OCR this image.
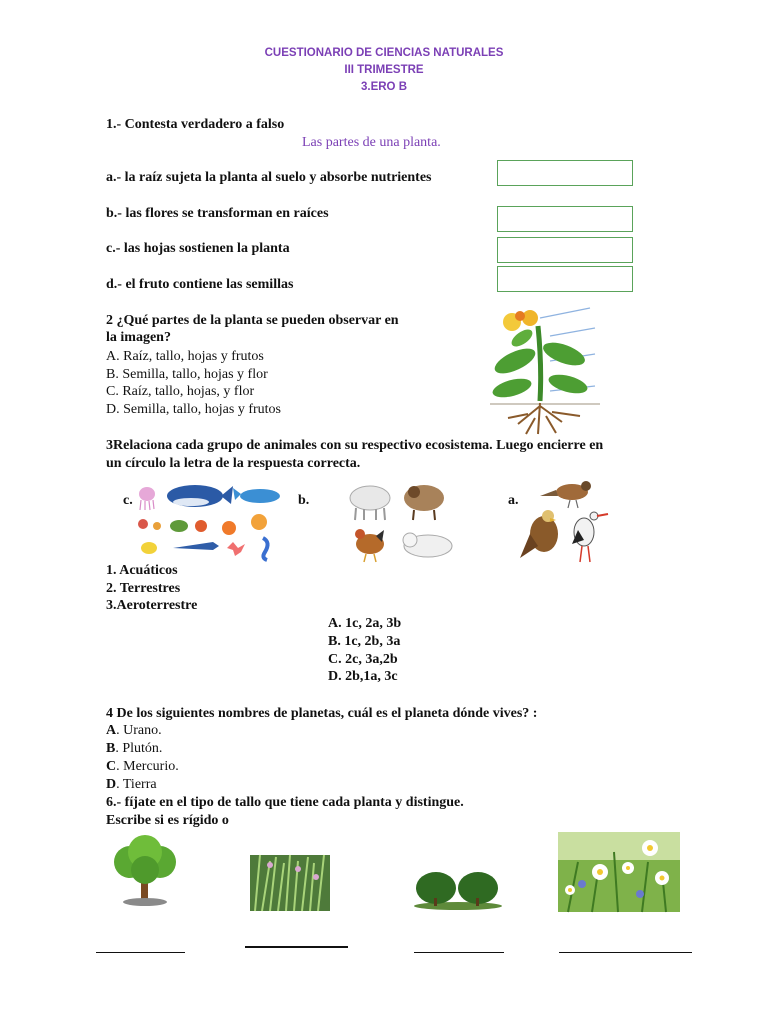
CUESTIONARIO DE CIENCIAS NATURALES
III TRIMESTRE
3.ERO B
1.- Contesta verdadero a falso
Las partes de una planta.
a.- la raíz sujeta la planta al suelo y absorbe nutrientes
b.- las flores se transforman en raíces
c.- las hojas sostienen la planta
d.- el fruto contiene las semillas
2 ¿Qué partes de la planta se pueden observar en
la imagen?
A. Raíz, tallo, hojas y frutos
B. Semilla, tallo, hojas y flor
C. Raíz, tallo, hojas, y flor
D. Semilla, tallo, hojas y frutos
3Relaciona cada grupo de animales con su respectivo ecosistema. Luego encierre en
un círculo la letra de la respuesta correcta.
c.	b.	a.
1. Acuáticos
2. Terrestres
3.Aeroterrestre
A. 1c, 2a, 3b
B. 1c, 2b, 3a
C. 2c, 3a,2b
D. 2b,1a, 3c
4 De los siguientes nombres de planetas, cuál es el planeta dónde vives? :
A. Urano.
B. Plutón.
C. Mercurio.
D. Tierra
6.- fíjate en el tipo de tallo que tiene cada planta y distingue.
Escribe si es rígido o
